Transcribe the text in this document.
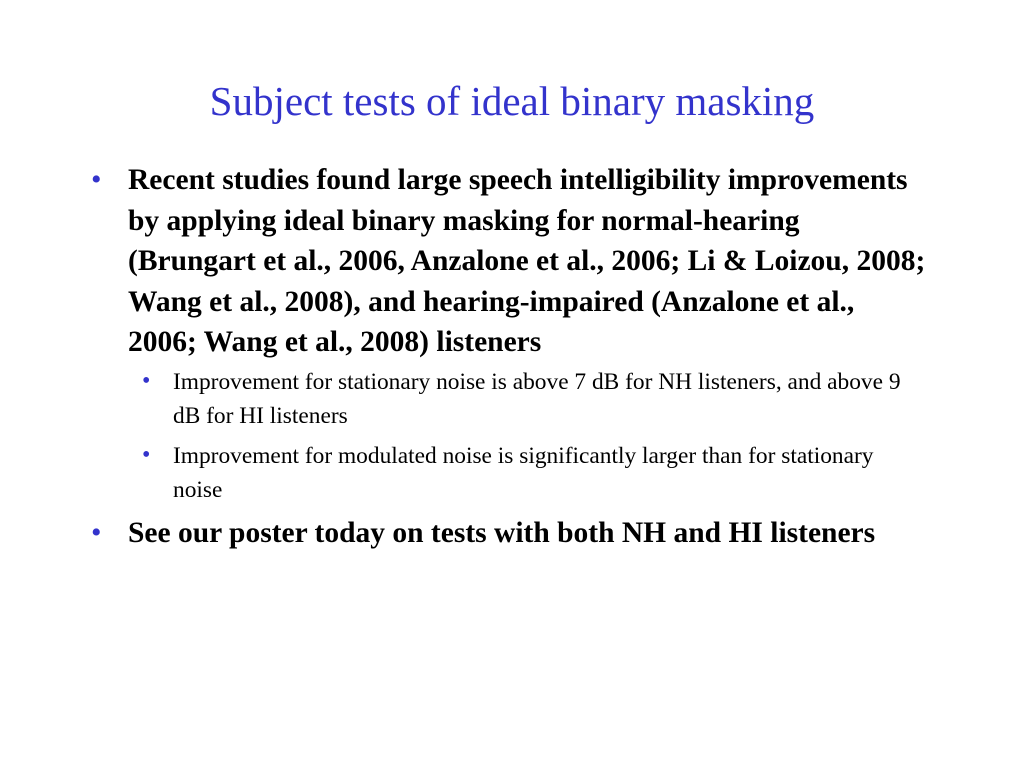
Subject tests of ideal binary masking
• Recent studies found large speech intelligibility improvements by applying ideal binary masking for normal-hearing (Brungart et al., 2006, Anzalone et al., 2006; Li & Loizou, 2008; Wang et al., 2008), and hearing-impaired (Anzalone et al., 2006; Wang et al., 2008) listeners
• Improvement for stationary noise is above 7 dB for NH listeners, and above 9 dB for HI listeners
• Improvement for modulated noise is significantly larger than for stationary noise
• See our poster today on tests with both NH and HI listeners
